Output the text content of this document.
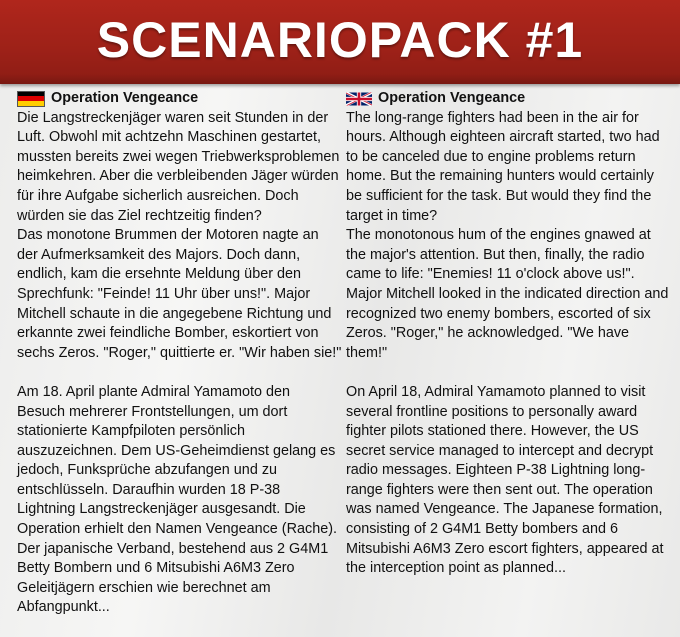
SCENARIOPACK #1
Operation Vengeance

Die Langstreckenjäger waren seit Stunden in der Luft. Obwohl mit achtzehn Maschinen gestartet, mussten bereits zwei wegen Triebwerksproblemen heimkehren. Aber die verbleibenden Jäger würden für ihre Aufgabe sicherlich ausreichen. Doch würden sie das Ziel rechtzeitig finden?

Das monotone Brummen der Motoren nagte an der Aufmerksamkeit des Majors. Doch dann, endlich, kam die ersehnte Meldung über den Sprechfunk: "Feinde! 11 Uhr über uns!". Major Mitchell schaute in die angegebene Richtung und erkannte zwei feindliche Bomber, eskortiert von sechs Zeros. "Roger," quittierte er. "Wir haben sie!"

Am 18. April plante Admiral Yamamoto den Besuch mehrerer Frontstellungen, um dort stationierte Kampfpiloten persönlich auszuzeichnen. Dem US-Geheimdienst gelang es jedoch, Funksprüche abzufangen und zu entschlüsseln. Daraufhin wurden 18 P-38 Lightning Langstreckenjäger ausgesandt. Die Operation erhielt den Namen Vengeance (Rache). Der japanische Verband, bestehend aus 2 G4M1 Betty Bombern und 6 Mitsubishi A6M3 Zero Geleitjägern erschien wie berechnet am Abfangpunkt...

Operation Vengeance

The long-range fighters had been in the air for hours. Although eighteen aircraft started, two had to be canceled due to engine problems return home. But the remaining hunters would certainly be sufficient for the task. But would they find the target in time?

The monotonous hum of the engines gnawed at the major's attention. But then, finally, the radio came to life: "Enemies! 11 o'clock above us!". Major Mitchell looked in the indicated direction and recognized two enemy bombers, escorted of six Zeros. "Roger," he acknowledged. "We have them!"

On April 18, Admiral Yamamoto planned to visit several frontline positions to personally award fighter pilots stationed there. However, the US secret service managed to intercept and decrypt radio messages. Eighteen P-38 Lightning long-range fighters were then sent out. The operation was named Vengeance. The Japanese formation, consisting of 2 G4M1 Betty bombers and 6 Mitsubishi A6M3 Zero escort fighters, appeared at the interception point as planned...
